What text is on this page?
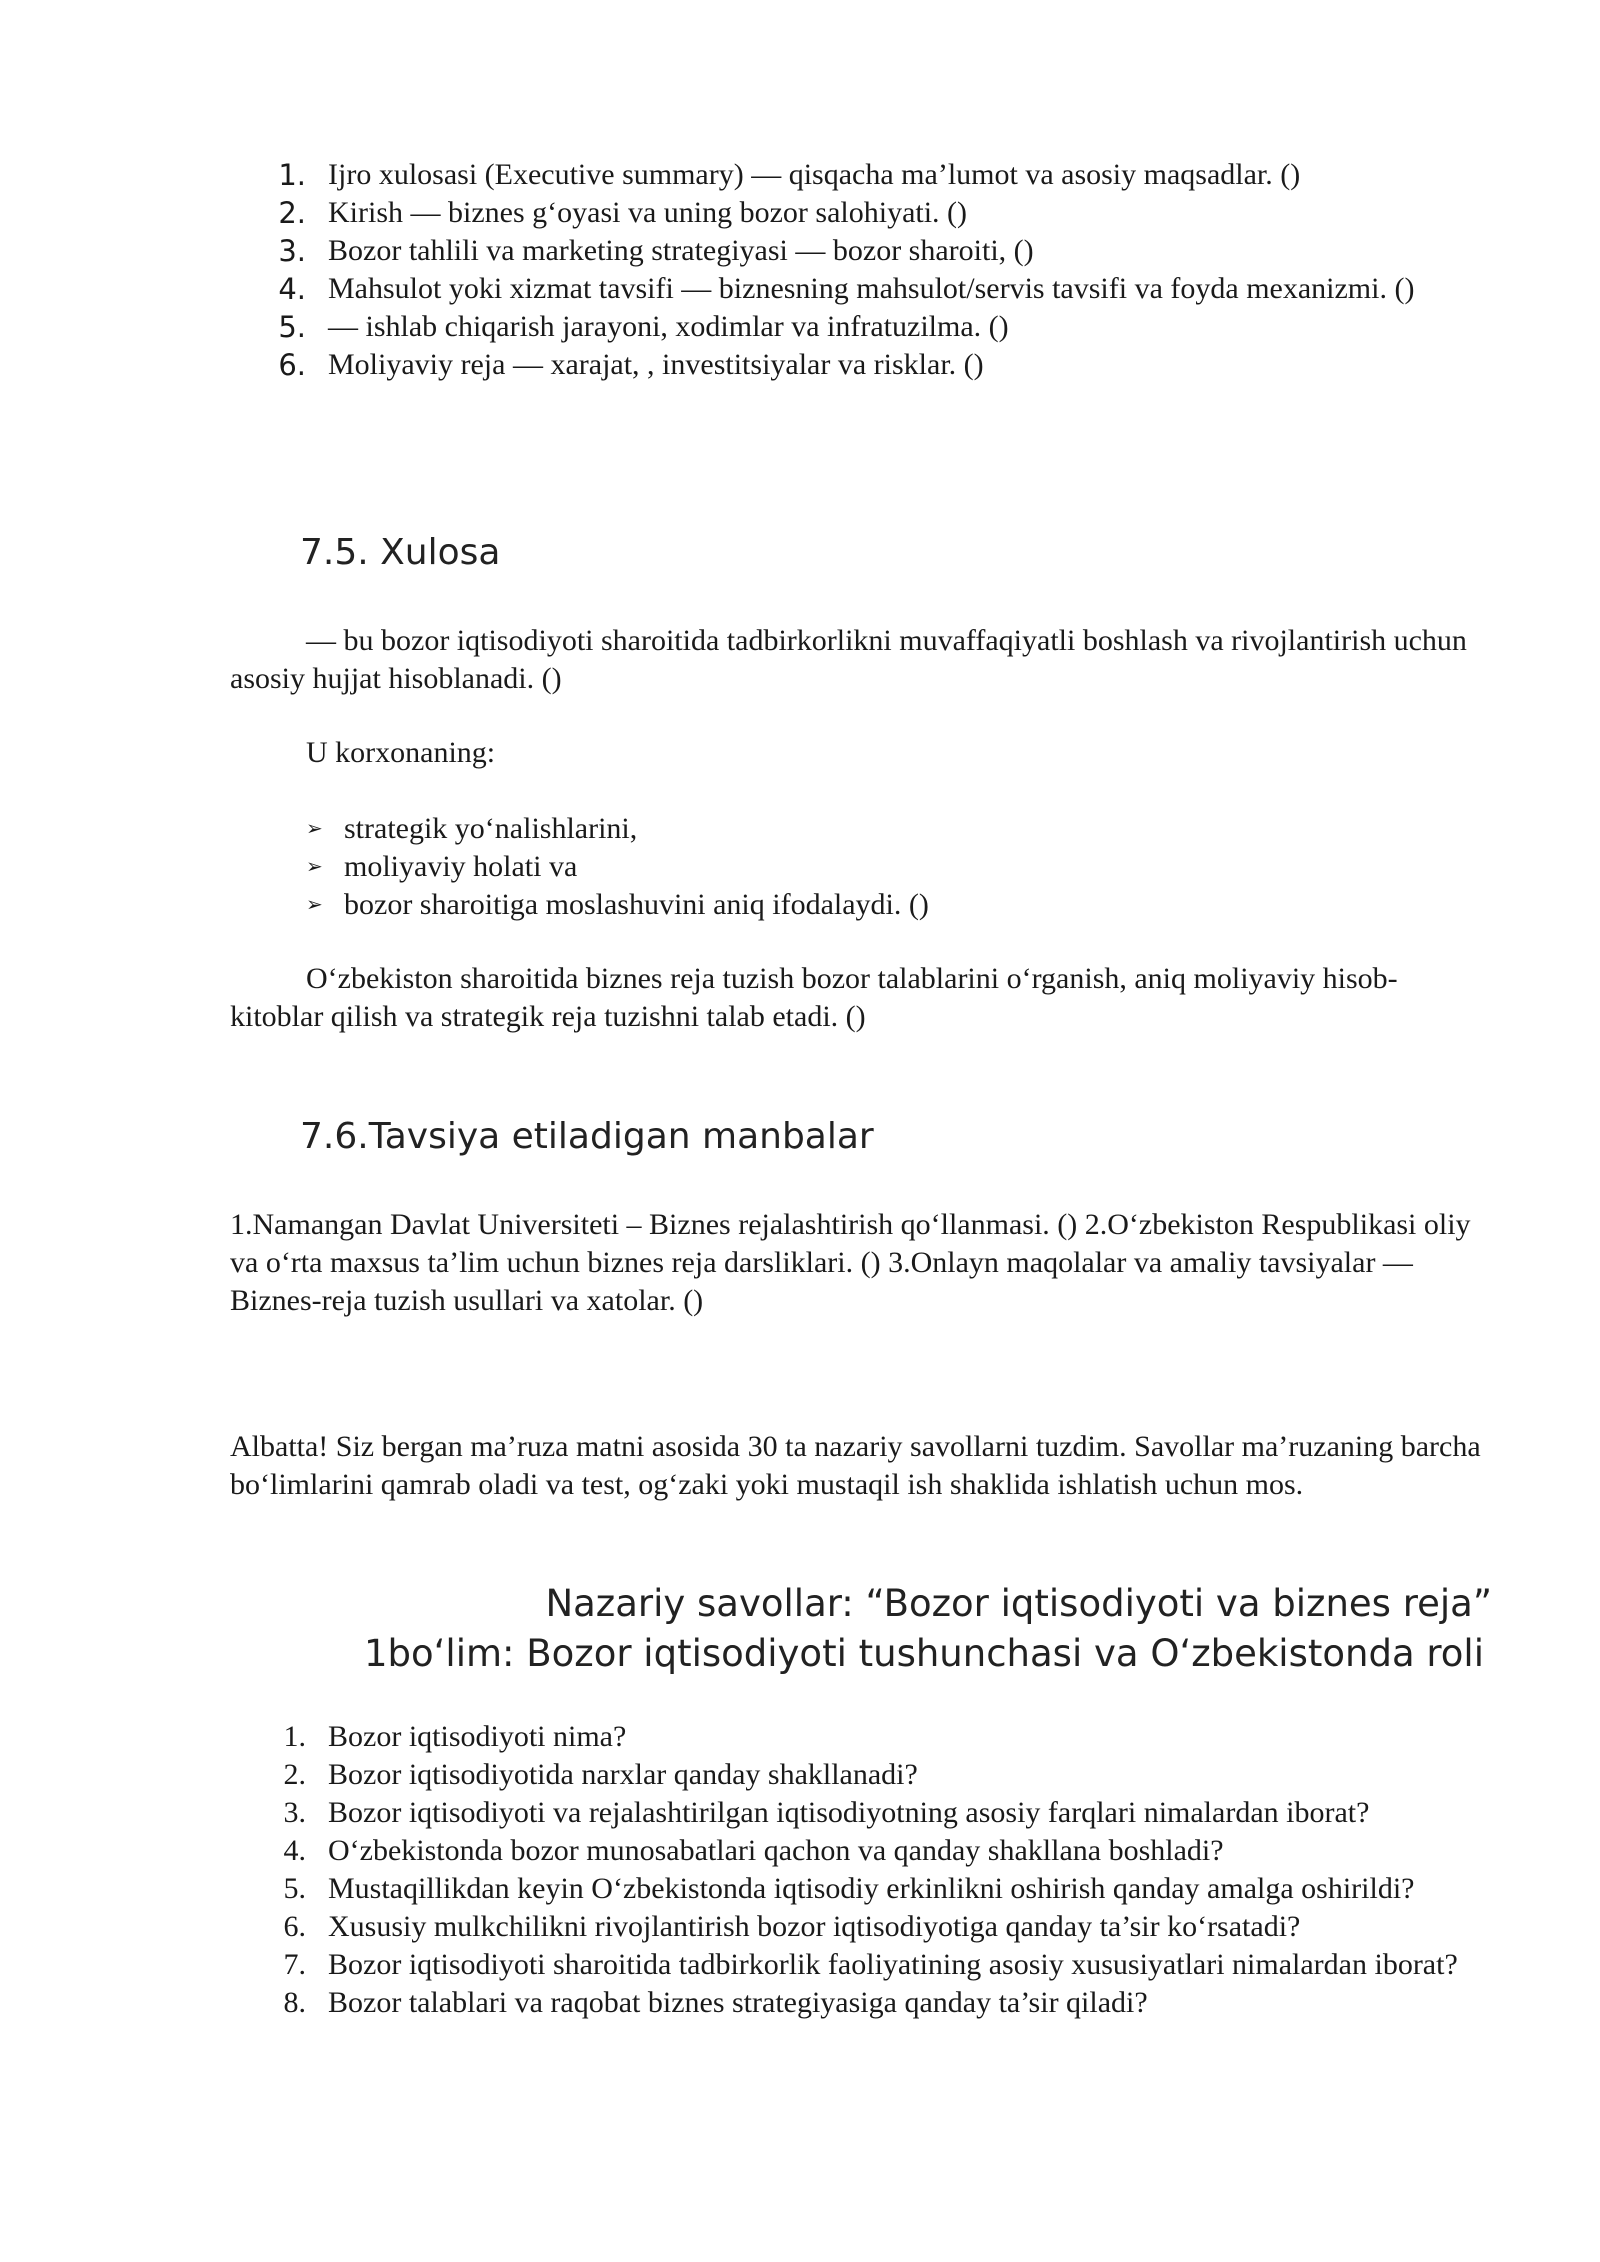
1. Ijro xulosasi (Executive summary) — qisqacha ma’lumot va asosiy maqsadlar. ()
2. Kirish — biznes g‘oyasi va uning bozor salohiyati. ()
3. Bozor tahlili va marketing strategiyasi — bozor sharoiti, ()
4. Mahsulot yoki xizmat tavsifi — biznesning mahsulot/servis tavsifi va foyda mexanizmi. ()
5. — ishlab chiqarish jarayoni, xodimlar va infratuzilma. ()
6. Moliyaviy reja — xarajat, , investitsiyalar va risklar. ()
7.5. Xulosa
— bu bozor iqtisodiyoti sharoitida tadbirkorlikni muvaffaqiyatli boshlash va rivojlantirish uchun asosiy hujjat hisoblanadi. ()
U korxonaning:
➢ strategik yo‘nalishlarini,
➢ moliyaviy holati va
➢ bozor sharoitiga moslashuvini aniq ifodalaydi. ()
O‘zbekiston sharoitida biznes reja tuzish bozor talablarini o‘rganish, aniq moliyaviy hisob-kitoblar qilish va strategik reja tuzishni talab etadi. ()
7.6.Tavsiya etiladigan manbalar
1.Namangan Davlat Universiteti – Biznes rejalashtirish qo‘llanmasi. () 2.O‘zbekiston Respublikasi oliy va o‘rta maxsus ta’lim uchun biznes reja darsliklari. () 3.Onlayn maqolalar va amaliy tavsiyalar — Biznes-reja tuzish usullari va xatolar. ()
Albatta! Siz bergan ma’ruza matni asosida 30 ta nazariy savollarni tuzdim. Savollar ma’ruzaning barcha bo‘limlarini qamrab oladi va test, og‘zaki yoki mustaqil ish shaklida ishlatish uchun mos.
Nazariy savollar: “Bozor iqtisodiyoti va biznes reja”
1bo‘lim: Bozor iqtisodiyoti tushunchasi va O‘zbekistonda roli
1. Bozor iqtisodiyoti nima?
2. Bozor iqtisodiyotida narxlar qanday shakllanadi?
3. Bozor iqtisodiyoti va rejalashtirilgan iqtisodiyotning asosiy farqlari nimalardan iborat?
4. O‘zbekistonda bozor munosabatlari qachon va qanday shakllana boshladi?
5. Mustaqillikdan keyin O‘zbekistonda iqtisodiy erkinlikni oshirish qanday amalga oshirildi?
6. Xususiy mulkchilikni rivojlantirish bozor iqtisodiyotiga qanday ta’sir ko‘rsatadi?
7. Bozor iqtisodiyoti sharoitida tadbirkorlik faoliyatining asosiy xususiyatlari nimalardan iborat?
8. Bozor talablari va raqobat biznes strategiyasiga qanday ta’sir qiladi?
